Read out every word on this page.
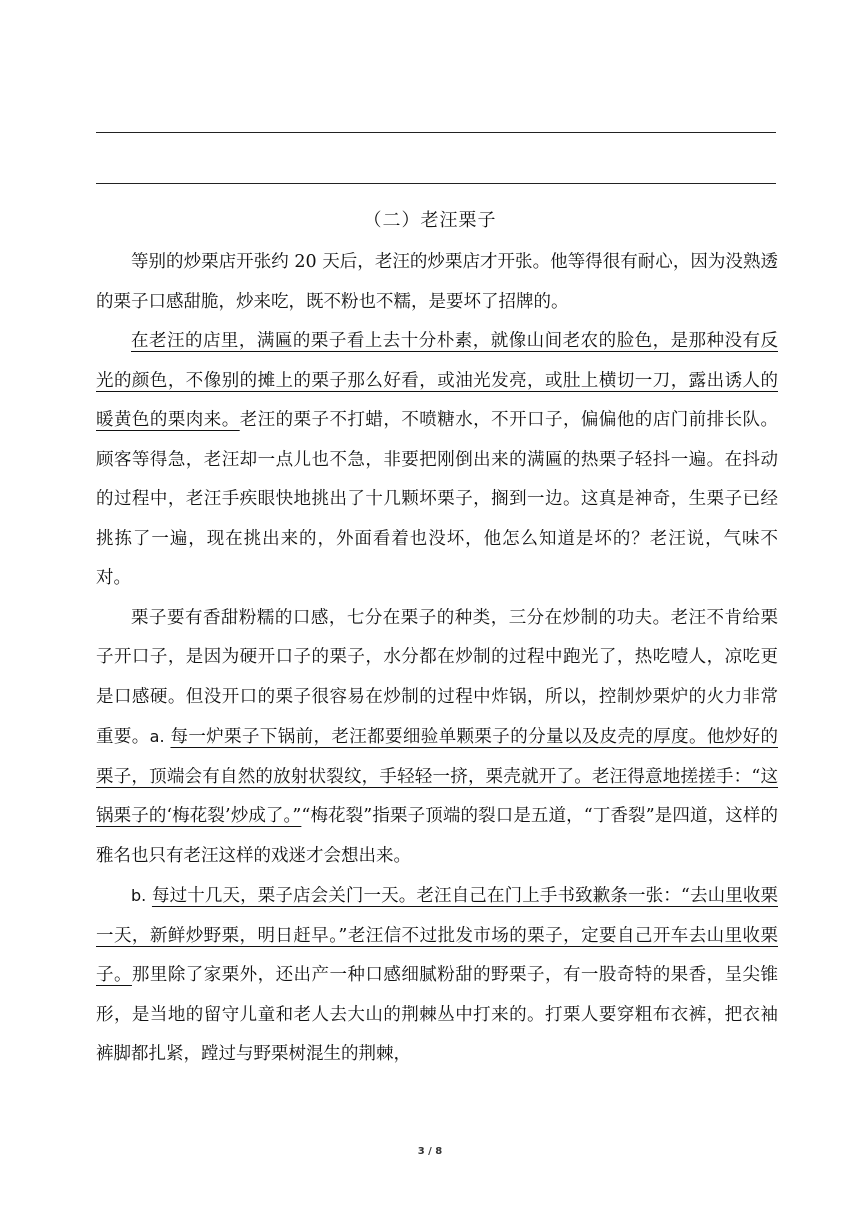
（二）老汪栗子

等别的炒栗店开张约 20 天后，老汪的炒栗店才开张。他等得很有耐心，因为没熟透的栗子口感甜脆，炒来吃，既不粉也不糯，是要坏了招牌的。

在老汪的店里，满匾的栗子看上去十分朴素，就像山间老农的脸色，是那种没有反光的颜色，不像别的摊上的栗子那么好看，或油光发亮，或肚上横切一刀，露出诱人的暖黄色的栗肉来。老汪的栗子不打蜡，不喷糖水，不开口子，偏偏他的店门前排长队。顾客等得急，老汪却一点儿也不急，非要把刚倒出来的满匾的热栗子轻抖一遍。在抖动的过程中，老汪手疾眼快地挑出了十几颗坏栗子，搁到一边。这真是神奇，生栗子已经挑拣了一遍，现在挑出来的，外面看着也没坏，他怎么知道是坏的？老汪说，气味不对。

栗子要有香甜粉糯的口感，七分在栗子的种类，三分在炒制的功夫。老汪不肯给栗子开口子，是因为硬开口子的栗子，水分都在炒制的过程中跑光了，热吃噎人，凉吃更是口感硬。但没开口的栗子很容易在炒制的过程中炸锅，所以，控制炒栗炉的火力非常重要。a. 每一炉栗子下锅前，老汪都要细验单颗栗子的分量以及皮壳的厚度。他炒好的栗子，顶端会有自然的放射状裂纹，手轻轻一挤，栗壳就开了。老汪得意地搓搓手：“这锅栗子的‘梅花裂’炒成了。”“梅花裂”指栗子顶端的裂口是五道，“丁香裂”是四道，这样的雅名也只有老汪这样的戏迷才会想出来。

b. 每过十几天，栗子店会关门一天。老汪自己在门上手书致歉条一张：“去山里收栗一天，新鲜炒野栗，明日赶早。”老汪信不过批发市场的栗子，定要自己开车去山里收栗子。那里除了家栗外，还出产一种口感细腻粉甜的野栗子，有一股奇特的果香，呈尖锥形，是当地的留守儿童和老人去大山的荆棘丛中打来的。打栗人要穿粗布衣裤，把衣袖裤脚都扎紧，蹚过与野栗树混生的荆棘，

3 / 8
